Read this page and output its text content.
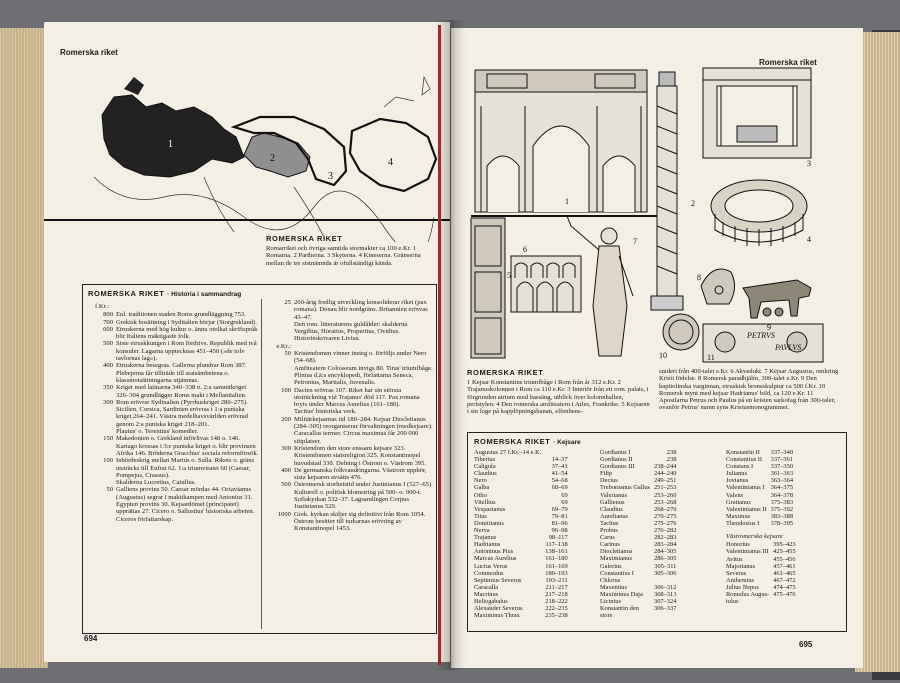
Romerska riket
1
2
3
4
ROMERSKA RIKET
Romarriket och övriga samtida stormakter ca 100 e.Kr. 1 Romarna. 2 Partherna. 3 Skyterna. 4 Kineserna. Gränserna mellan de tre sistnämnda är ofullständigt kända.
ROMERSKA RIKET · Historia i sammandrag
f.Kr.:
800 Enl. traditionen staden Roms grundläggning 753.
700 Grekisk bosättning i Syditalien börjar (Storgrekland).
600 Etruskerna med hög kultur o. ännu otolkat skriftspråk blir Italiens mäktigaste folk.
500 Siste etruskkungen i Rom fördrivs. Republik med två konsuler. Lagarna upptecknas 451–450 (»de tolv tavlornas lag»).
400 Etruskerna besegras. Gallerna plundrar Rom 387. Plebejerna får tillträde till statsämbetena o. klassmotsättningarna utjämnas.
350 Kriget med latinarna 340–338 o. 2:a samnitkriget 326–304 grundlägger Roms makt i Mellanitalien.
300 Rom erövrar Sydinalien (Pyrrhuskriget 280–275). Sicilien, Corsica, Sardinien erövras i 1:a puniska kriget 264–241. Västra medelhavsvärlden erövrad genom 2:a puniska kriget 218–201.
Plautus' o. Terentius' komedier.
150 Makedonien o. Grekland införlivas 148 o. 146. Kartago krossas i 3:e puniska kriget o. blir provinsen Afrika 146. Bröderna Gracchus' sociala reformförsök.
100 Inbördeskrig mellan Marius o. Sulla. Rikets o. gräns utsträcks till Eufrat 62. 1:a triumviratet 60 (Caesar, Pompejus, Crassus).
Skalderna Lucretius, Catullus.
50 Galliens provins 50. Caesar mördas 44. Octavianus (Augustus) segrar i makitkampen med Antonius 31. Egypten provins 30. Kejsardömet (principatet) upprättas 27. Cicero o. Sallustius' historiska arbeten. Ciceros författarskap.
25 200-årig fredlig utveckling konsoliderar riket (pax romana). Donau blir nordgräns. Britannien erövras 43–47.
Den rom. litteraturens guldålder: skalderna Vergilius, Horatius, Propertius, Ovidius. Historieskrivaren Livius.
e.Kr.:
50 Kristendomen vinner insteg o. förföljs under Nero (54–68).
Amfiteatern Colosseum invigs 80. Titus' triumfbåge. Plinius d.ä:s encyklopedi, författarna Seneca, Petronius, Martialis, Juvenalis.
100 Dacien erövras 107. Riket har sin största utsträckning vid Trajanus' död 117. Pax romana bryts under Marcus Aurelius (161–180).
Tacitus' historiska verk.
200 Militärkejsarnas tid 180–284. Kejsar Diocletianus (284–305) reorganiserar förvaltningen (medkejsare). Caracallas termer. Circus maximus får 200 000 sittplatser.
300 Kristendom den store enssam kejsare 323. Kristendomen statsreligion 325. Konstantinopel huvudstad 330. Delning i Östrom o. Västrom 395.
400 De germanska folkvandringarna. Västrom upphör, sista kejsaren avsätts 476.
500 Östromersk storhetstid under Justinianus I (527–65). Kulturell o. politisk blomstring på 500- o. 900-t. Sofiakyrkan 532–37. Lagsamlingen Corpus Justinianus 529.
1000 Grek. kyrkan skiljer sig definitivt från Rom 1054. Östrom besitter till turkarnas erövring av Konstantinopel 1453.
694
Romerska riket
PETRVS
PAVLVS
1	2
3
4
5
6
7
8
9
10	11
ROMERSKA RIKET
1 Kejsar Konstantins triumfbåge i Rom från år 312 e.Kr. 2 Trajanuskolonnen i Rom ca 110 e.Kr. 3 Interiör från ett rom. palats, i förgrunden atrium med bassäng, utblick över kolonnhallen, peristylen. 4 Den romerska amfiteatern i Arles, Frankrike. 5 Kejsaren i sin loge på kapplöpningsbanan, elfenbens-
snideri från 400-talet e.Kr. 6 Akvedukt. 7 Kejsar Augustus, omkring Kristi födelse. 8 Romersk paradhjälm, 300-talet e.Kr. 9 Den kapitolinska varginnan, etruskisk bronsskulptur ca 500 f.Kr. 10 Romersk mynt med kejsar Hadrianus' bild, ca 120 e.Kr. 11 Apostlarna Petrus och Paulus på en kristen sarkofag från 300-talet; ovanför Petrus' namn syns Kristusmonogrammet.
ROMERSKA RIKET · Kejsare
Augustus 27 f.Kr.–14 e.K.	
Tiberius	14–37
Caligula	37–41
Claudius	41–54
Nero	54–68
Galba	68–69
Otho	69
Vitellius	69
Vespasianus	69–79
Titus	79–81
Domitianus	81–96
Nerva	96–98
Trajanus	98–117
Hadrianus	117–138
Antoninus Pius	138–161
Marcus Aurelius	161–180
Lucius Verus	161–169
Commodus	180–193
Septimius Severus	193–211
Caracalla	211–217
Macrinus	217–218
Heliogabalus	218–222
Alexander Severus	222–235
Maximinus Thrax	235–238
Gordianus I	238
Gordianus II	238
Gordianus III	238–244
Filip	244–249
Decius	249–251
Trebonianus Gallus	251–253
Valerianus	253–260
Gallienus	253–268
Claudius	268–270
Aurelianus	270–275
Tacitus	275–276
Probus	276–282
Carus	282–283
Carinus	283–284
Diocletianus	284–305
Maximianus	286–305
Galerius	305–311
Constantius I	305–306
Chlorus	
Maxentius	306–312
Maximinus Daja	308–313
Licinius	307–324
Konstantin den	306–337
store	
Konstantin II	337–340
Constantius II	337–361
Constans I	337–350
Julianus	361–363
Jovianus	363–364
Valentinianus I	364–375
Valens	364–378
Gratianus	375–383
Valentinianus II	375–392
Maximus	383–388
Theodosius I	378–395
Västromerska kejsare
Honorius	395–423
Valentinianus III	425–455
Avitus	455–456
Majorianus	457–461
Severus	461–465
Anthemius	467–472
Julius Nepos	474–475
Romulus Augus-	475–476
tulus	
695
